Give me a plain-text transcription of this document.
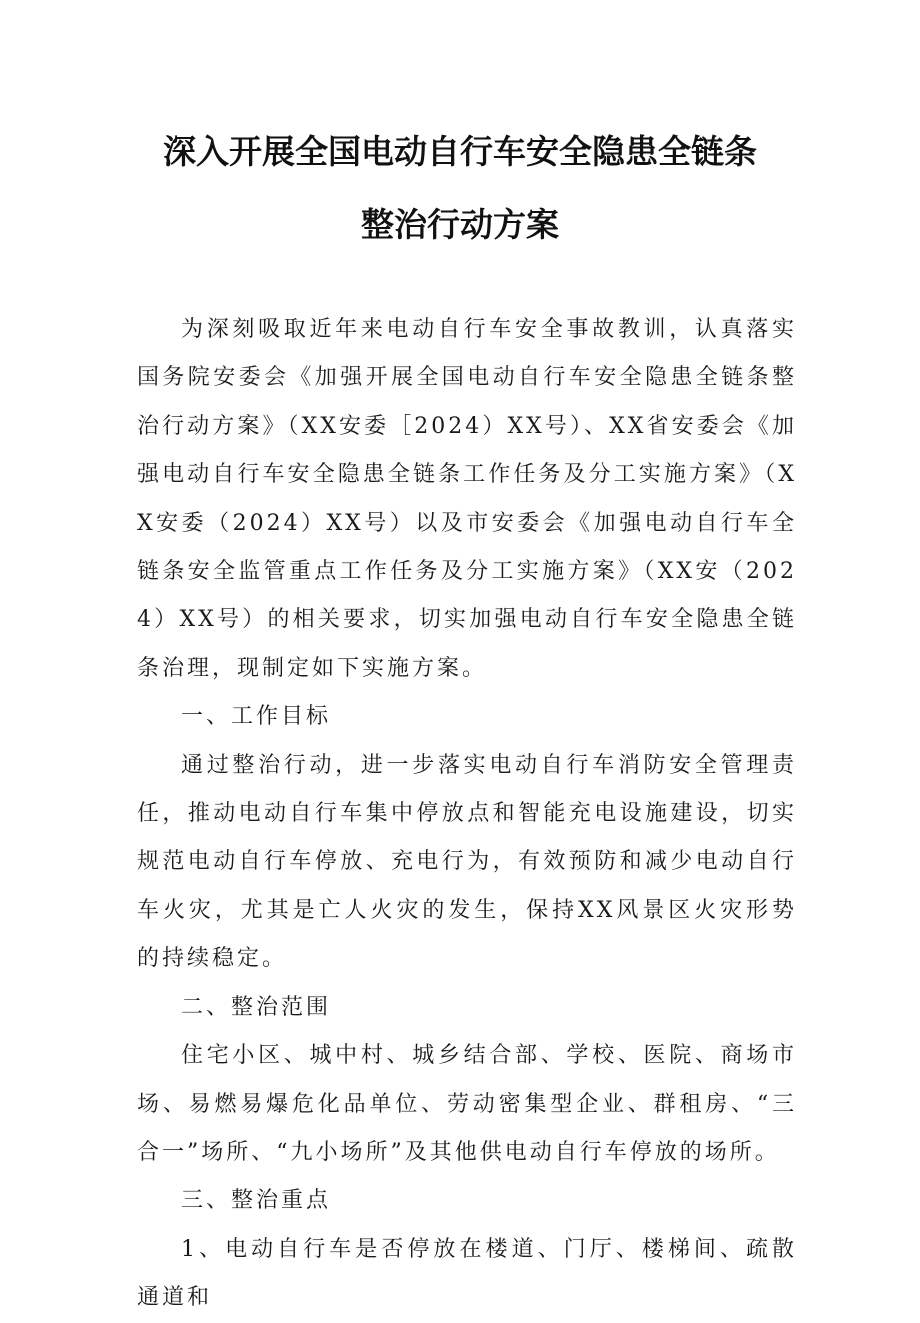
深入开展全国电动自行车安全隐患全链条
整治行动方案

为深刻吸取近年来电动自行车安全事故教训，认真落实国务院安委会《加强开展全国电动自行车安全隐患全链条整治行动方案》（XX安委［2024）XX号）、XX省安委会《加强电动自行车安全隐患全链条工作任务及分工实施方案》（XX安委（2024）XX号）以及市安委会《加强电动自行车全链条安全监管重点工作任务及分工实施方案》（XX安（2024）XX号）的相关要求，切实加强电动自行车安全隐患全链条治理，现制定如下实施方案。

一、工作目标

通过整治行动，进一步落实电动自行车消防安全管理责任，推动电动自行车集中停放点和智能充电设施建设，切实规范电动自行车停放、充电行为，有效预防和减少电动自行车火灾，尤其是亡人火灾的发生，保持XX风景区火灾形势的持续稳定。

二、整治范围

住宅小区、城中村、城乡结合部、学校、医院、商场市场、易燃易爆危化品单位、劳动密集型企业、群租房、“三合一”场所、“九小场所”及其他供电动自行车停放的场所。

三、整治重点

1、电动自行车是否停放在楼道、门厅、楼梯间、疏散通道和
